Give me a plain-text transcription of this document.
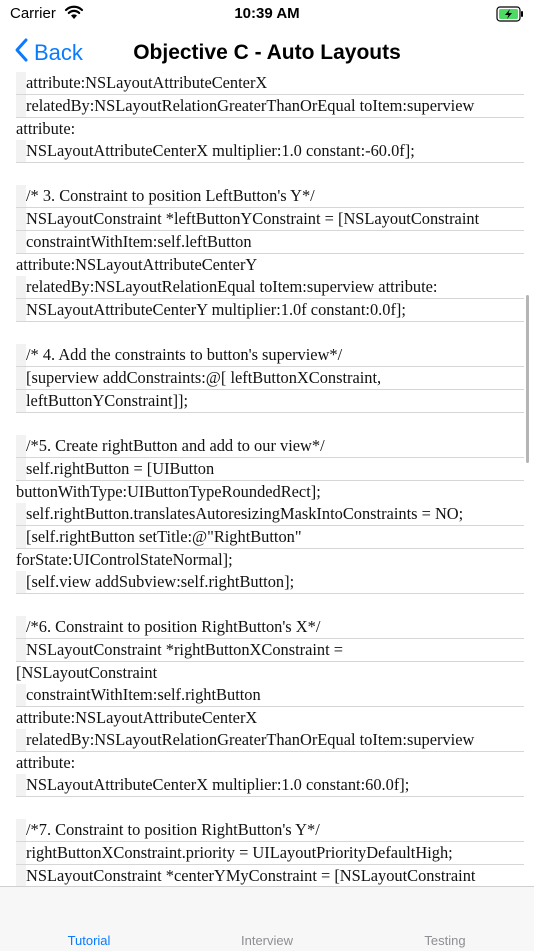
Carrier	10:39 AM
Back	Objective C - Auto Layouts
attribute:NSLayoutAttributeCenterX
relatedBy:NSLayoutRelationGreaterThanOrEqual toItem:superview
attribute:
NSLayoutAttributeCenterX multiplier:1.0 constant:-60.0f];
/* 3. Constraint to position LeftButton's Y*/
NSLayoutConstraint *leftButtonYConstraint = [NSLayoutConstraint
constraintWithItem:self.leftButton
attribute:NSLayoutAttributeCenterY
relatedBy:NSLayoutRelationEqual toItem:superview attribute:
NSLayoutAttributeCenterY multiplier:1.0f constant:0.0f];
/* 4. Add the constraints to button's superview*/
[superview addConstraints:@[ leftButtonXConstraint,
leftButtonYConstraint]];
/*5. Create rightButton and add to our view*/
self.rightButton = [UIButton
buttonWithType:UIButtonTypeRoundedRect];
self.rightButton.translatesAutoresizingMaskIntoConstraints = NO;
[self.rightButton setTitle:@"RightButton"
forState:UIControlStateNormal];
[self.view addSubview:self.rightButton];
/*6. Constraint to position RightButton's X*/
NSLayoutConstraint *rightButtonXConstraint =
[NSLayoutConstraint
constraintWithItem:self.rightButton
attribute:NSLayoutAttributeCenterX
relatedBy:NSLayoutRelationGreaterThanOrEqual toItem:superview
attribute:
NSLayoutAttributeCenterX multiplier:1.0 constant:60.0f];
/*7. Constraint to position RightButton's Y*/
rightButtonXConstraint.priority = UILayoutPriorityDefaultHigh;
NSLayoutConstraint *centerYMyConstraint = [NSLayoutConstraint
Tutorial	Interview	Testing
